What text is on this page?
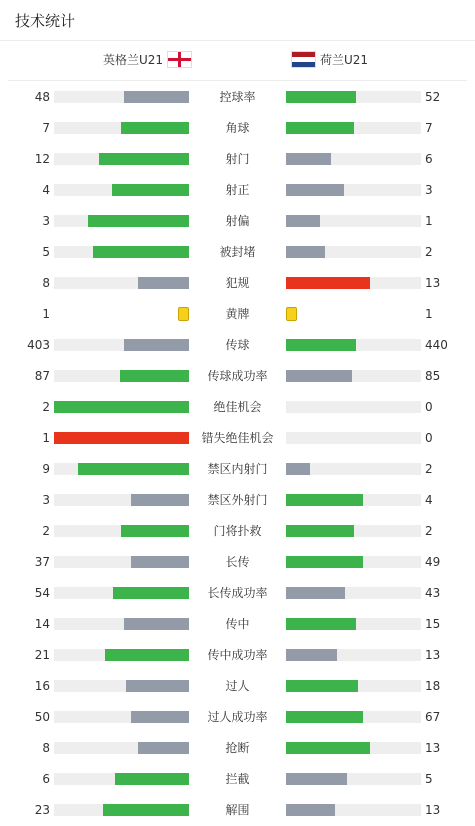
技术统计
英格兰U21	荷兰U21
48	控球率	52
7	角球	7
12	射门	6
4	射正	3
3	射偏	1
5	被封堵	2
8	犯规	13
1	黄牌	1
403	传球	440
87	传球成功率	85
2	绝佳机会	0
1	错失绝佳机会	0
9	禁区内射门	2
3	禁区外射门	4
2	门将扑救	2
37	长传	49
54	长传成功率	43
14	传中	15
21	传中成功率	13
16	过人	18
50	过人成功率	67
8	抢断	13
6	拦截	5
23	解围	13
